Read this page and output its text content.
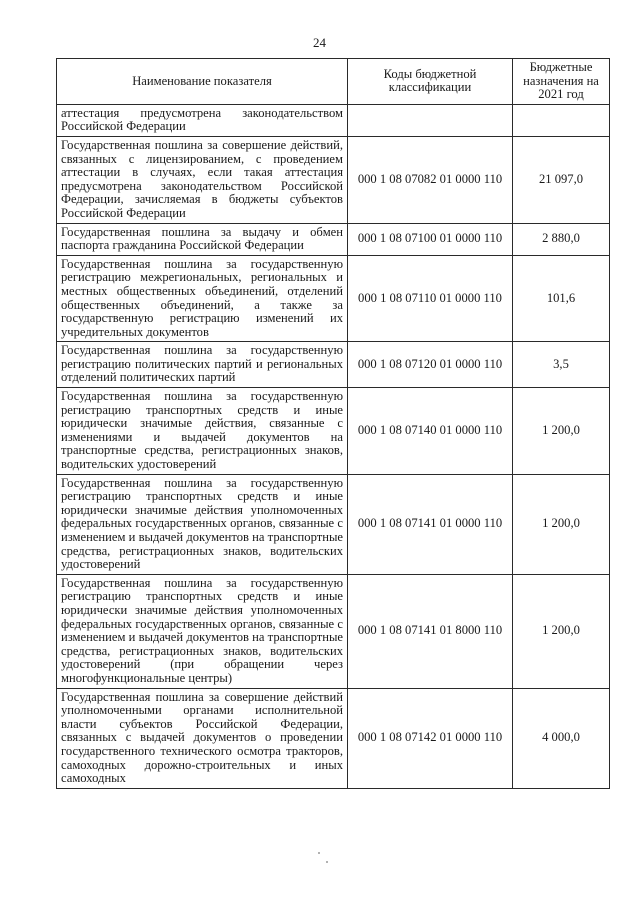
24
Наименование показателя	Коды бюджетной классификации	Бюджетные назначения на 2021 год
аттестация предусмотрена законодательством Российской Федерации		
Государственная пошлина за совершение действий, связанных с лицензированием, с проведением аттестации в случаях, если такая аттестация предусмотрена законодательством Российской Федерации, зачисляемая в бюджеты субъектов Российской Федерации	000 1 08 07082 01 0000 110	21 097,0
Государственная пошлина за выдачу и обмен паспорта гражданина Российской Федерации	000 1 08 07100 01 0000 110	2 880,0
Государственная пошлина за государственную регистрацию межрегиональных, региональных и местных общественных объединений, отделений общественных объединений, а также за государственную регистрацию изменений их учредительных документов	000 1 08 07110 01 0000 110	101,6
Государственная пошлина за государственную регистрацию политических партий и региональных отделений политических партий	000 1 08 07120 01 0000 110	3,5
Государственная пошлина за государственную регистрацию транспортных средств и иные юридически значимые действия, связанные с изменениями и выдачей документов на транспортные средства, регистрационных знаков, водительских удостоверений	000 1 08 07140 01 0000 110	1 200,0
Государственная пошлина за государственную регистрацию транспортных средств и иные юридически значимые действия уполномоченных федеральных государственных органов, связанные с изменением и выдачей документов на транспортные средства, регистрационных знаков, водительских удостоверений	000 1 08 07141 01 0000 110	1 200,0
Государственная пошлина за государственную регистрацию транспортных средств и иные юридически значимые действия уполномоченных федеральных государственных органов, связанные с изменением и выдачей документов на транспортные средства, регистрационных знаков, водительских удостоверений (при обращении через многофункциональные центры)	000 1 08 07141 01 8000 110	1 200,0
Государственная пошлина за совершение действий уполномоченными органами исполнительной власти субъектов Российской Федерации, связанных с выдачей документов о проведении государственного технического осмотра тракторов, самоходных дорожно-строительных и иных самоходных	000 1 08 07142 01 0000 110	4 000,0
